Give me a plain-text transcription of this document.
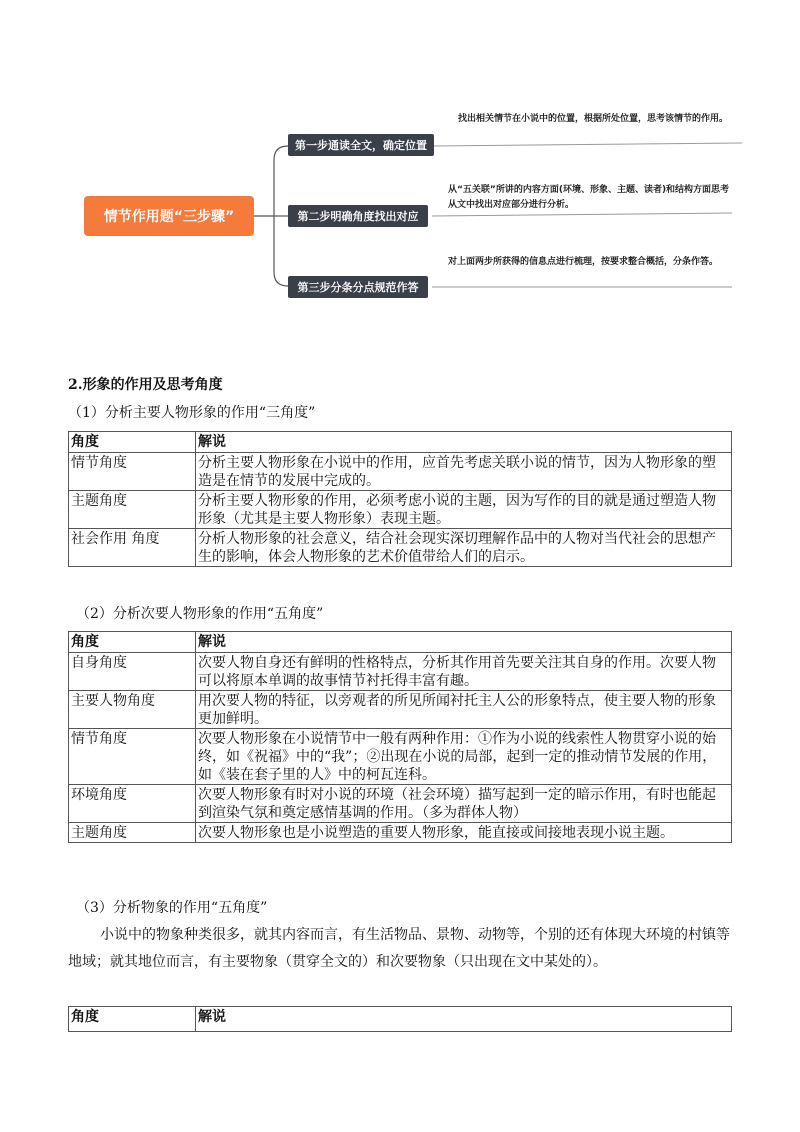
情节作用题“三步骤”
第一步通读全文，确定位置
找出相关情节在小说中的位置，根据所处位置，思考该情节的作用。
第二步明确角度找出对应
从“五关联”所讲的内容方面(环境、形象、主题、读者)和结构方面思考从文中找出对应部分进行分析。
第三步分条分点规范作答
对上面两步所获得的信息点进行梳理，按要求整合概括，分条作答。
2.形象的作用及思考角度
（1）分析主要人物形象的作用“三角度”
角度	解说
情节角度	分析主要人物形象在小说中的作用，应首先考虑关联小说的情节，因为人物形象的塑造是在情节的发展中完成的。
主题角度	分析主要人物形象的作用，必须考虑小说的主题，因为写作的目的就是通过塑造人物形象（尤其是主要人物形象）表现主题。
社会作用 角度	分析人物形象的社会意义，结合社会现实深切理解作品中的人物对当代社会的思想产生的影响，体会人物形象的艺术价值带给人们的启示。
（2）分析次要人物形象的作用“五角度”
角度	解说
自身角度	次要人物自身还有鲜明的性格特点，分析其作用首先要关注其自身的作用。次要人物可以将原本单调的故事情节衬托得丰富有趣。
主要人物角度	用次要人物的特征，以旁观者的所见所闻衬托主人公的形象特点，使主要人物的形象更加鲜明。
情节角度	次要人物形象在小说情节中一般有两种作用：①作为小说的线索性人物贯穿小说的始终，如《祝福》中的“我”；②出现在小说的局部，起到一定的推动情节发展的作用，如《装在套子里的人》中的柯瓦连科。
环境角度	次要人物形象有时对小说的环境（社会环境）描写起到一定的暗示作用，有时也能起到渲染气氛和奠定感情基调的作用。（多为群体人物）
主题角度	次要人物形象也是小说塑造的重要人物形象，能直接或间接地表现小说主题。
（3）分析物象的作用“五角度”
小说中的物象种类很多，就其内容而言，有生活物品、景物、动物等，个别的还有体现大环境的村镇等地域；就其地位而言，有主要物象（贯穿全文的）和次要物象（只出现在文中某处的）。
角度	解说
